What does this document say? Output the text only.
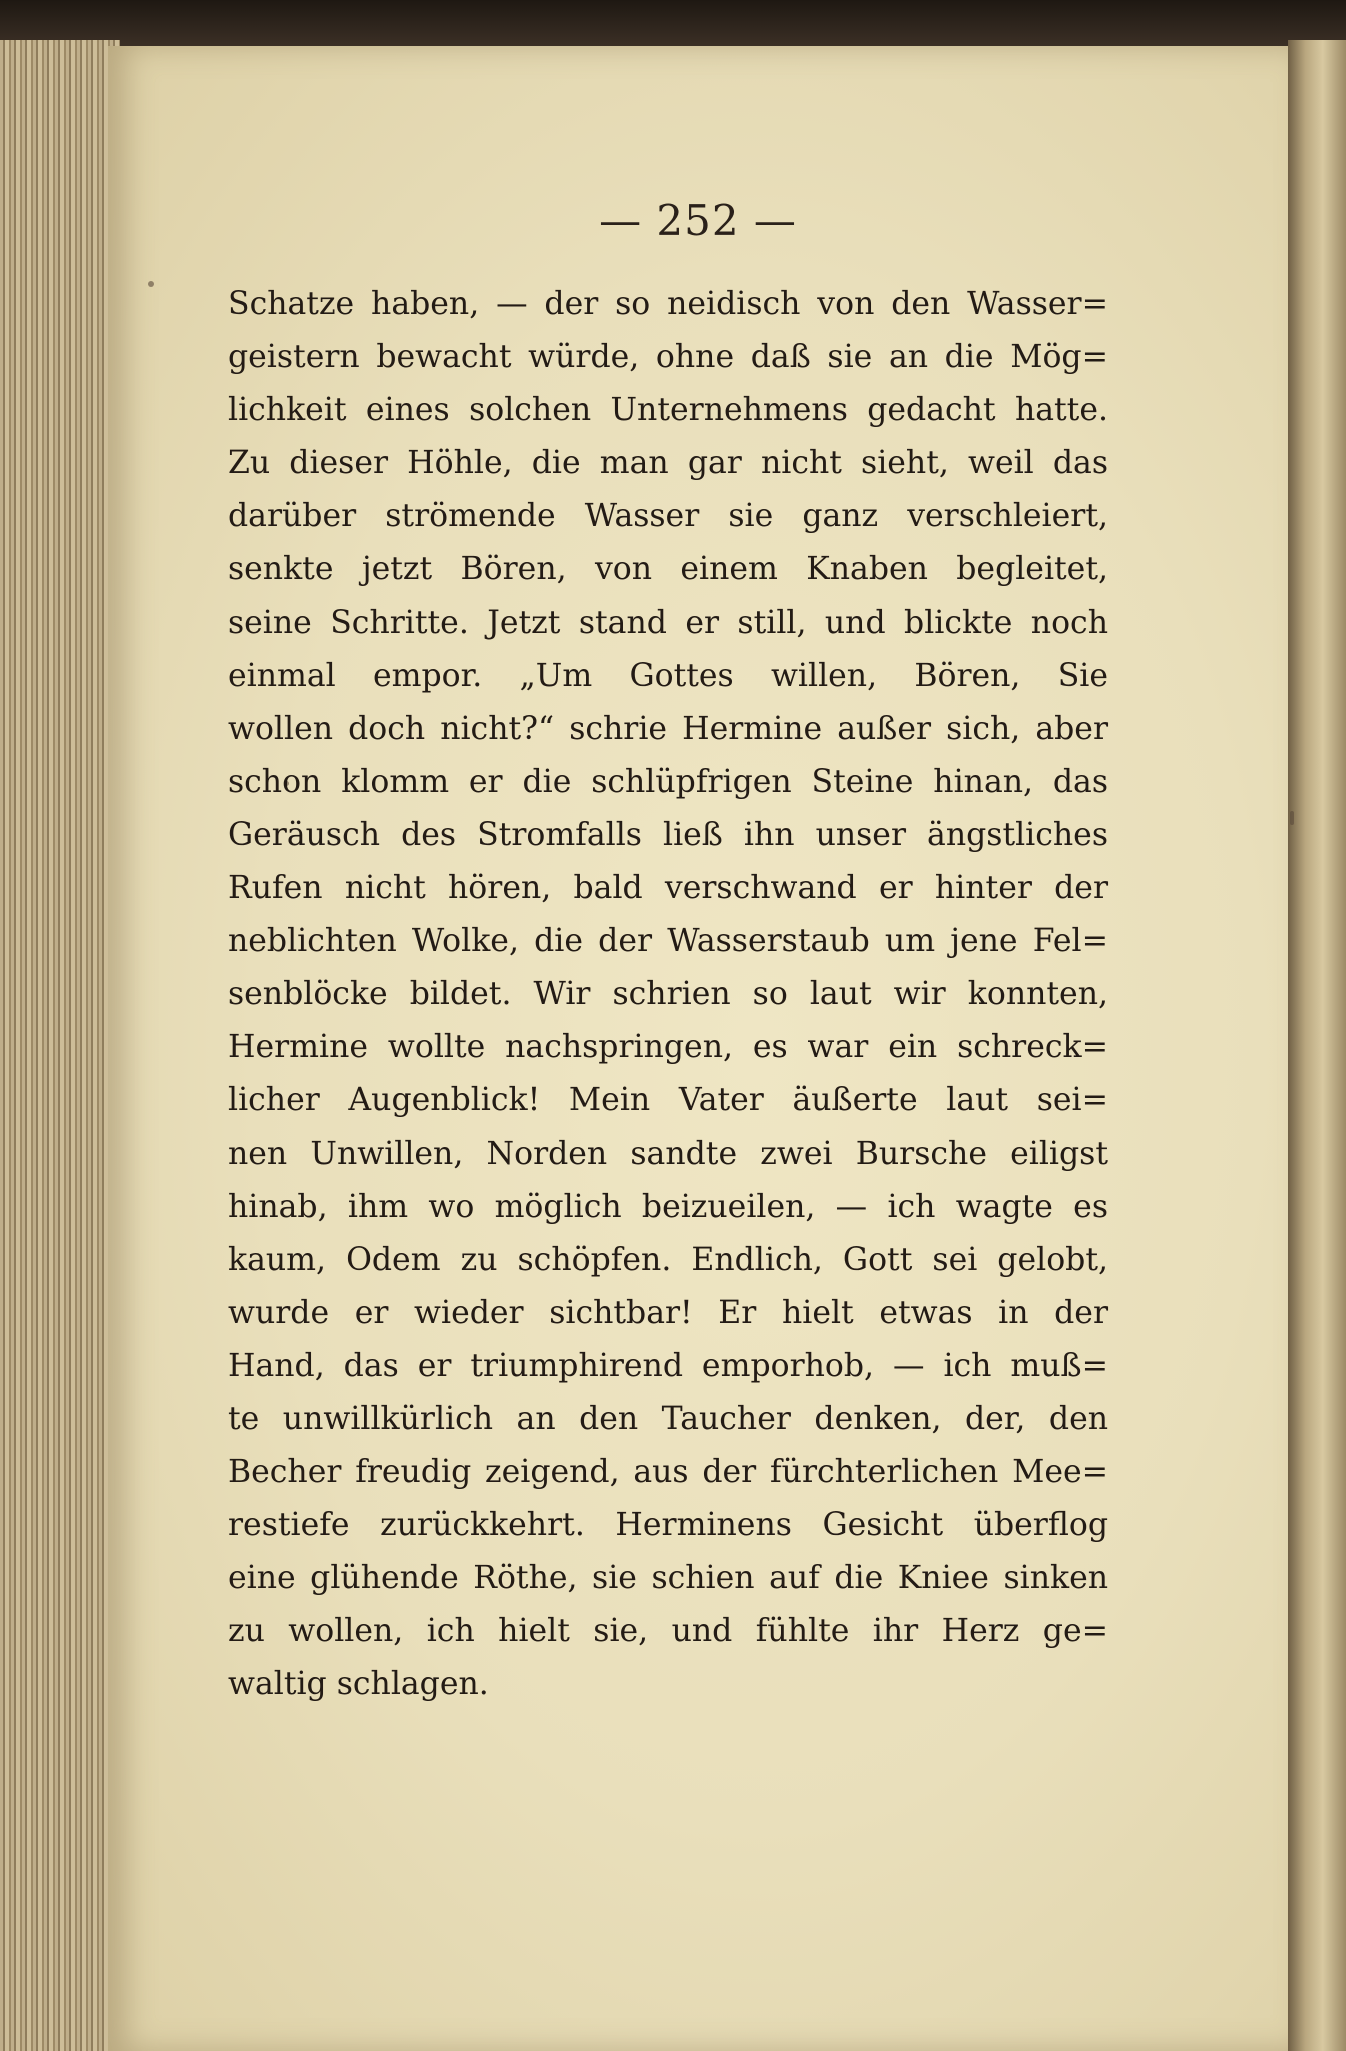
— 252 —
Schatze haben, — der so neidisch von den Wasser=
geistern bewacht würde, ohne daß sie an die Mög=
lichkeit eines solchen Unternehmens gedacht hatte.
Zu dieser Höhle, die man gar nicht sieht, weil das
darüber strömende Wasser sie ganz verschleiert,
senkte jetzt Bören, von einem Knaben begleitet,
seine Schritte. Jetzt stand er still, und blickte noch
einmal empor. „Um Gottes willen, Bören, Sie
wollen doch nicht?“ schrie Hermine außer sich, aber
schon klomm er die schlüpfrigen Steine hinan, das
Geräusch des Stromfalls ließ ihn unser ängstliches
Rufen nicht hören, bald verschwand er hinter der
neblichten Wolke, die der Wasserstaub um jene Fel=
senblöcke bildet. Wir schrien so laut wir konnten,
Hermine wollte nachspringen, es war ein schreck=
licher Augenblick! Mein Vater äußerte laut sei=
nen Unwillen, Norden sandte zwei Bursche eiligst
hinab, ihm wo möglich beizueilen, — ich wagte es
kaum, Odem zu schöpfen. Endlich, Gott sei gelobt,
wurde er wieder sichtbar! Er hielt etwas in der
Hand, das er triumphirend emporhob, — ich muß=
te unwillkürlich an den Taucher denken, der, den
Becher freudig zeigend, aus der fürchterlichen Mee=
restiefe zurückkehrt. Herminens Gesicht überflog
eine glühende Röthe, sie schien auf die Kniee sinken
zu wollen, ich hielt sie, und fühlte ihr Herz ge=
waltig schlagen.
